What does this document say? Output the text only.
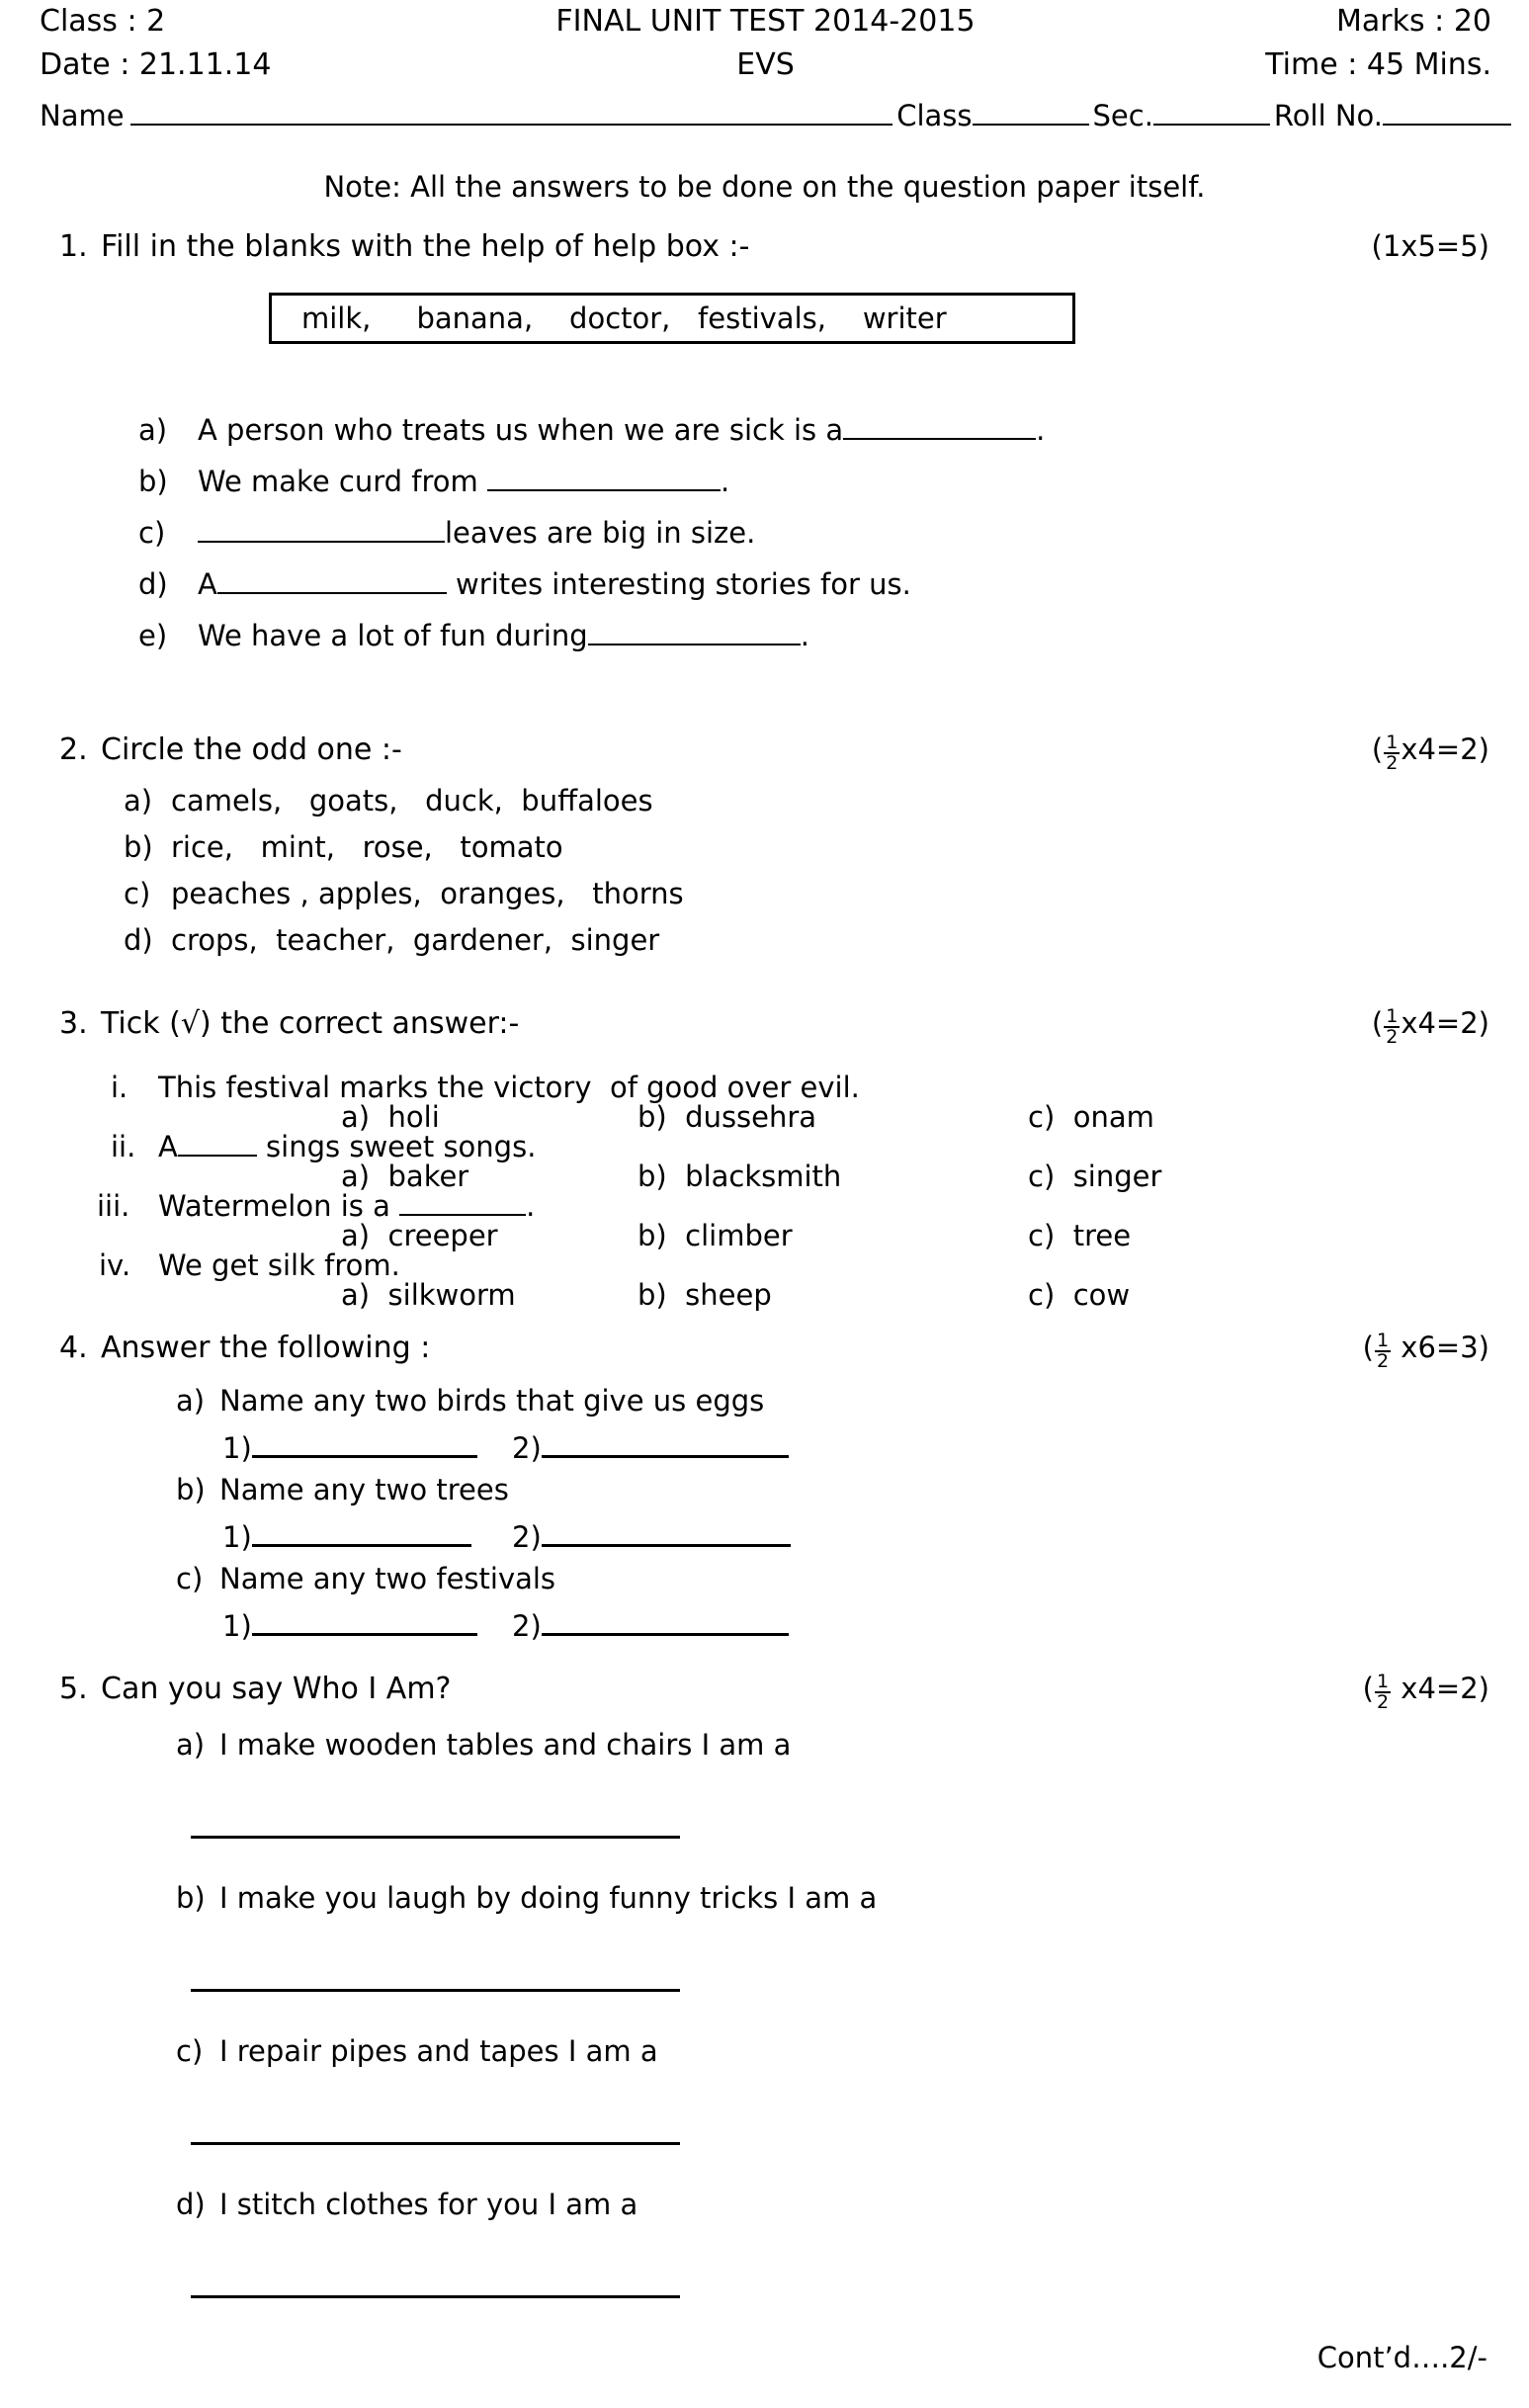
Class : 2	FINAL UNIT TEST 2014-2015	Marks : 20
Date : 21.11.14	EVS	Time : 45 Mins.
Name	Class	Sec.	Roll No.
Note: All the answers to be done on the question paper itself.
1. Fill in the blanks with the help of help box :-	(1x5=5)
milk,     banana,    doctor,   festivals,    writer
a)	A person who treats us when we are sick is a	.
b)	We make curd from	.
c)	leaves are big in size.
d)	A	writes interesting stories for us.
e)	We have a lot of fun during	.
2. Circle the odd one :-	( $\frac{1}{2} x4=2$)
a) camels,   goats,   duck,  buffaloes
b) rice,   mint,   rose,   tomato
c) peaches , apples,  oranges,   thorns
d) crops,  teacher,  gardener,  singer
3. Tick (√) the correct answer:-	( $\frac{1}{2} x4=2$)
i.	This festival marks the victory  of good over evil.
a)  holi	b)  dussehra	c)  onam
ii. A	sings sweet songs.
a)  baker	b)  blacksmith	c)  singer
iii. Watermelon is a	.
a)  creeper	b)  climber	c)  tree
iv. We get silk from.
a)  silkworm	b)  sheep	c)  cow
4. Answer the following :	( $\frac{1}{2} x6=3$)
a) Name any two birds that give us eggs
1)	2)
b) Name any two trees
1)	2)
c) Name any two festivals
1)	2)
5. Can you say Who I Am?	( $\frac{1}{2} x4=2$)
a) I make wooden tables and chairs I am a
b) I make you laugh by doing funny tricks I am a
c) I repair pipes and tapes I am a
d) I stitch clothes for you I am a
Cont’d….2/-
